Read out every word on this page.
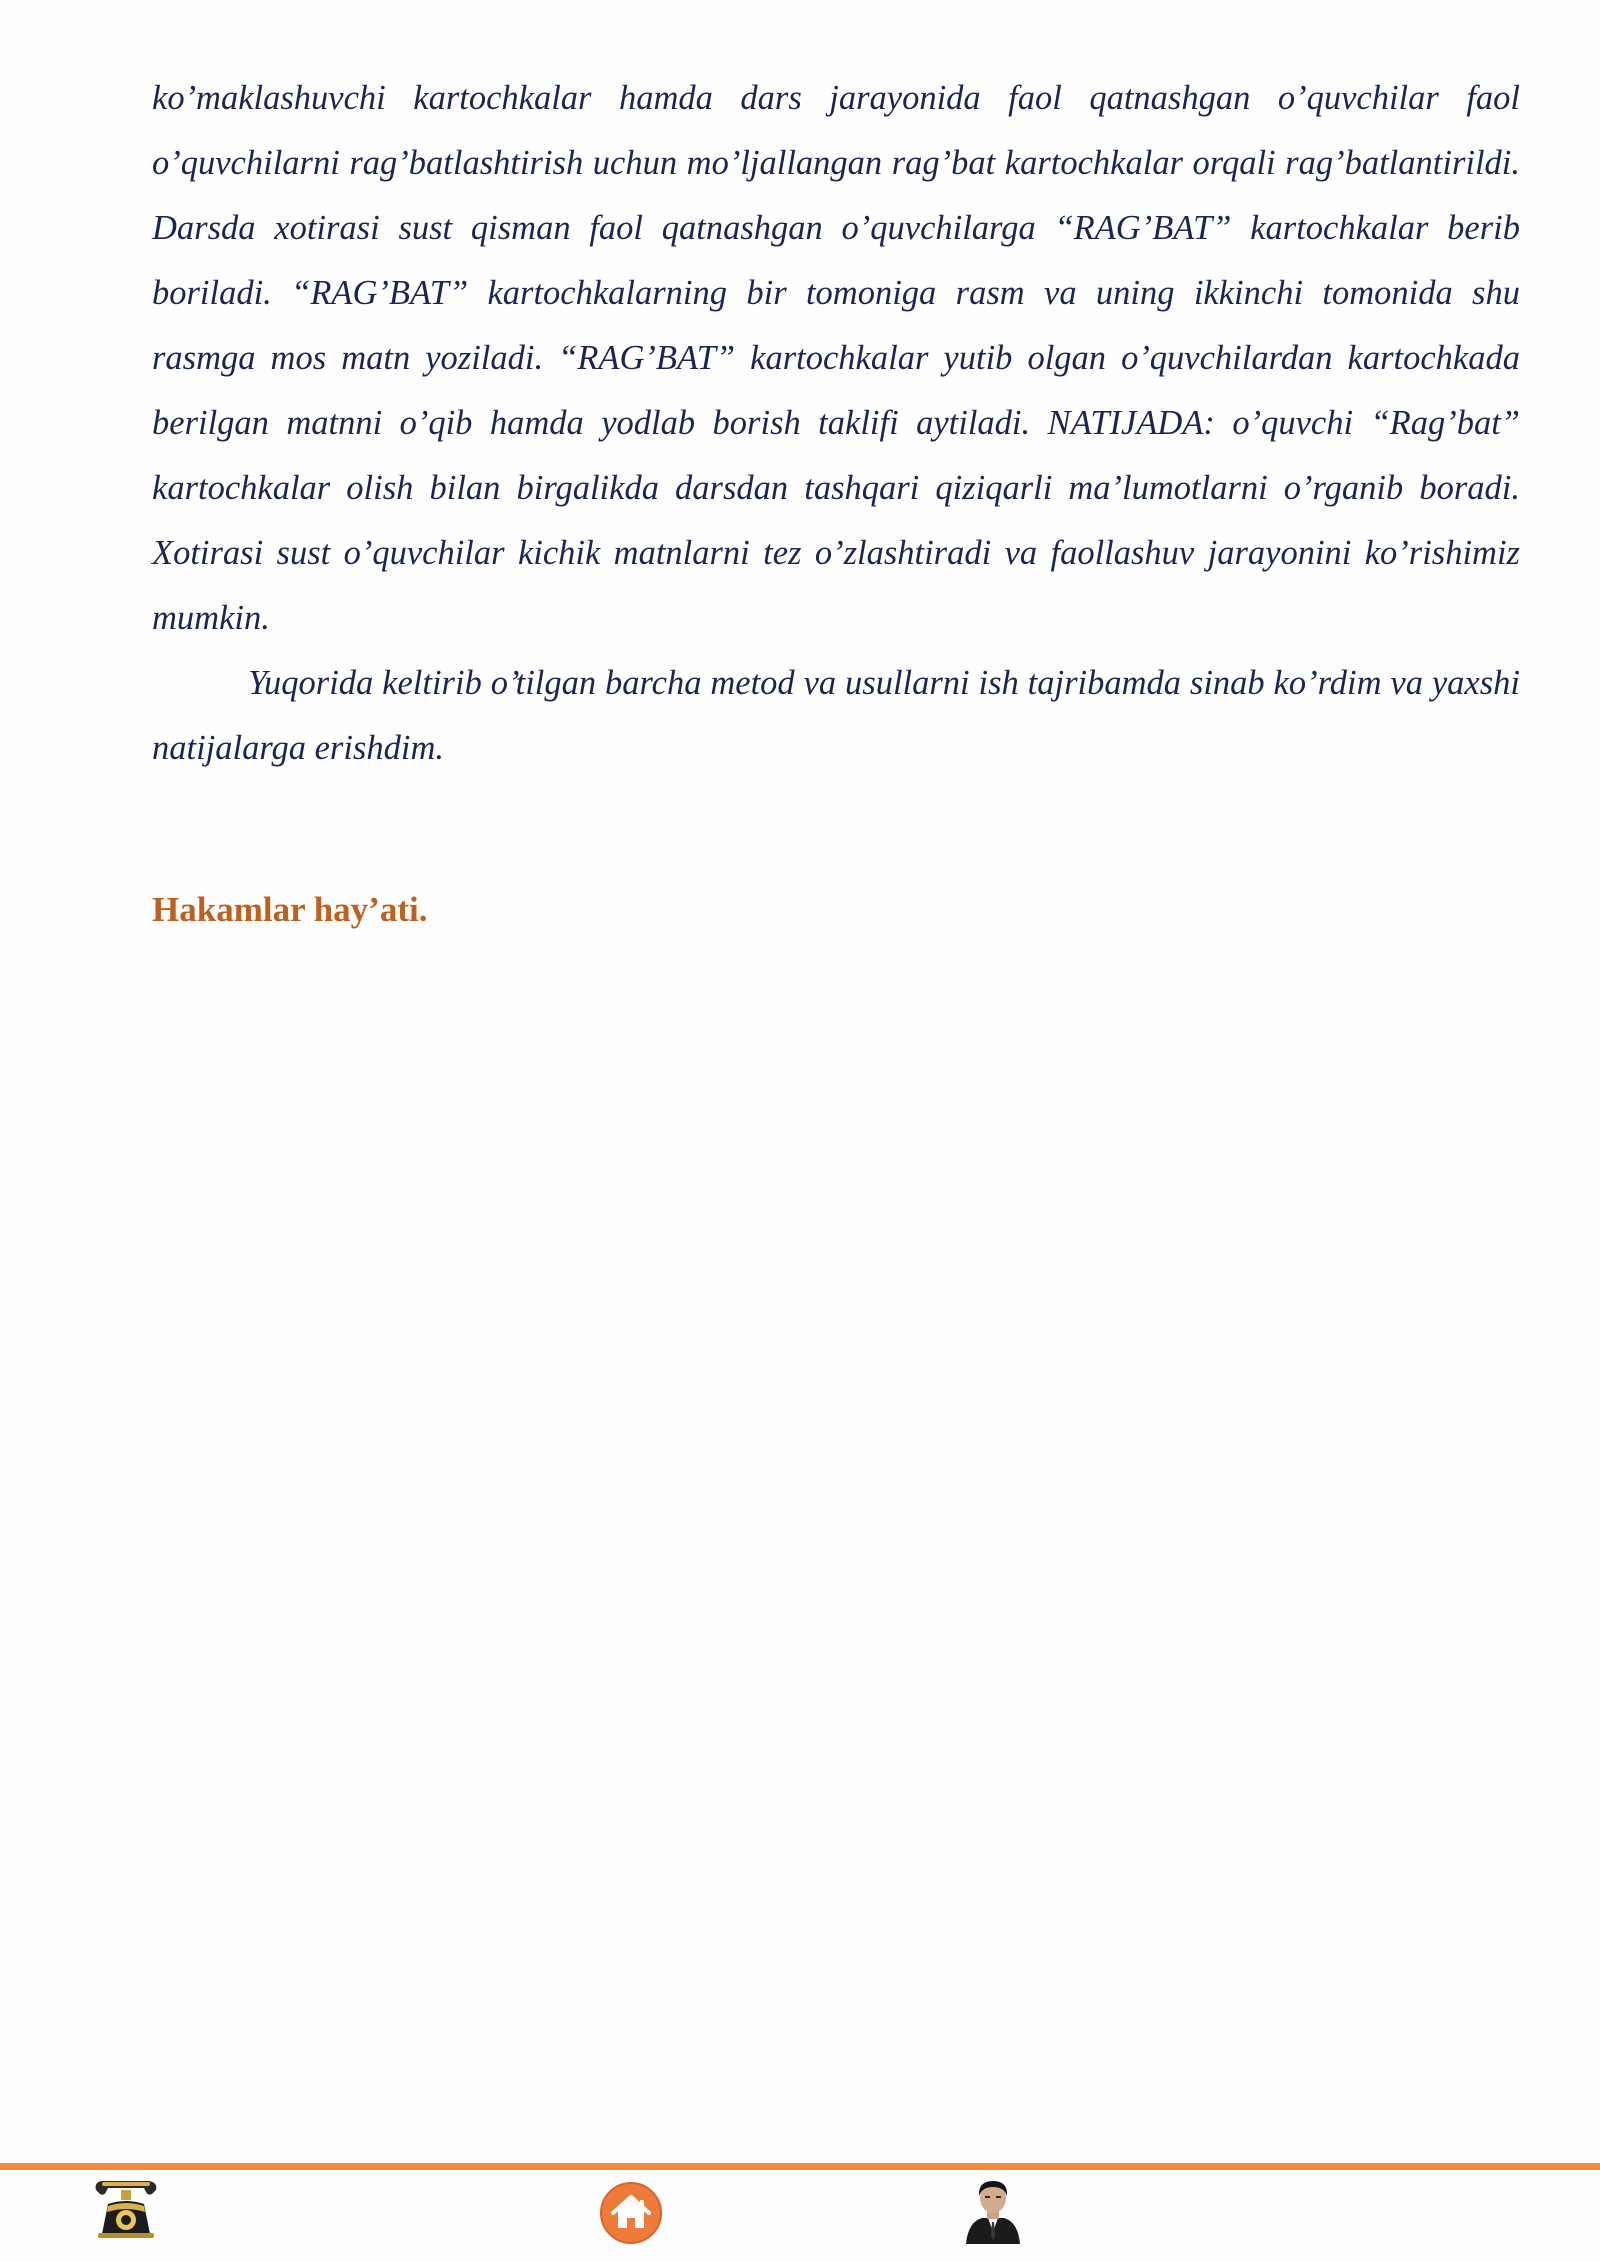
ko’maklashuvchi kartochkalar hamda dars jarayonida faol qatnashgan o’quvchilar faol o’quvchilarni rag’batlashtirish uchun mo’ljallangan rag’bat kartochkalar orqali rag’batlantirildi. Darsda xotirasi sust qisman faol qatnashgan o’quvchilarga “RAG’BAT” kartochkalar berib boriladi. “RAG’BAT” kartochkalarning bir tomoniga rasm va uning ikkinchi tomonida shu rasmga mos matn yoziladi. “RAG’BAT” kartochkalar yutib olgan o’quvchilardan kartochkada berilgan matnni o’qib hamda yodlab borish taklifi aytiladi. NATIJADA: o’quvchi “Rag’bat” kartochkalar olish bilan birgalikda darsdan tashqari qiziqarli ma’lumotlarni o’rganib boradi. Xotirasi sust o’quvchilar kichik matnlarni tez o’zlashtiradi va faollashuv jarayonini ko’rishimiz mumkin.

Yuqorida keltirib o’tilgan barcha metod va usullarni ish tajribamda sinab ko’rdim va yaxshi natijalarga erishdim.

Hakamlar hay’ati.
